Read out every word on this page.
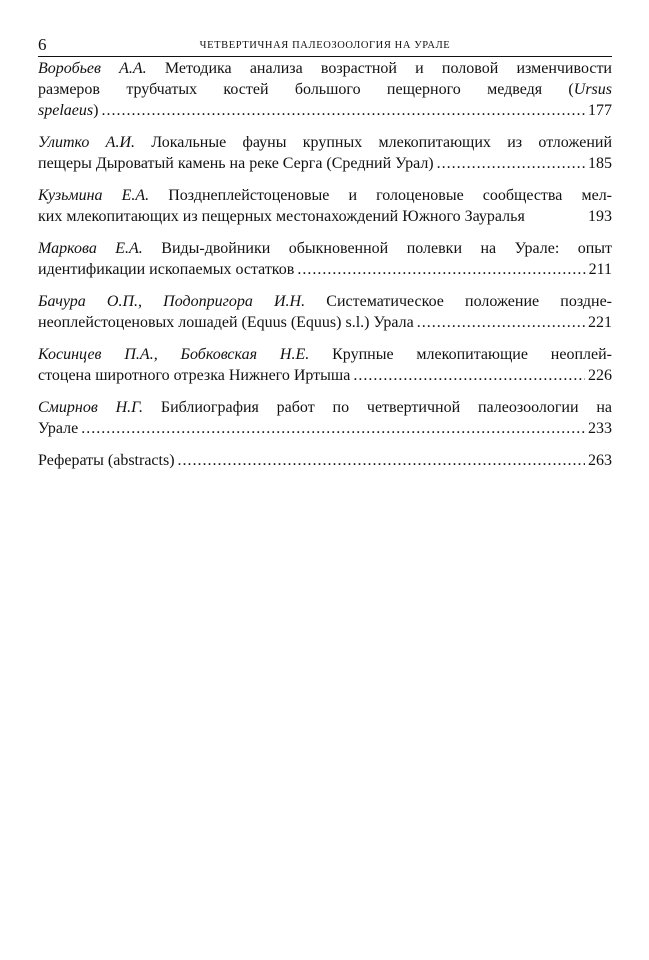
6	ЧЕТВЕРТИЧНАЯ ПАЛЕОЗООЛОГИЯ НА УРАЛЕ
Воробьев А.А. Методика анализа возрастной и половой изменчивости
размеров трубчатых костей большого пещерного медведя (Ursus
spelaeus ) .....	177
Улитко А.И. Локальные фауны крупных млекопитающих из отложений
пещеры Дыроватый камень на реке Серга (Средний Урал) .....	185
Кузьмина Е.А. Позднеплейстоценовые и голоценовые сообщества мел-
ких млекопитающих из пещерных местонахождений Южного Зауралья	193
Маркова Е.А. Виды-двойники обыкновенной полевки на Урале: опыт
идентификации ископаемых остатков .....	211
Бачура О.П., Подопригора И.Н. Систематическое положение поздне-
неоплейстоценовых лошадей (Equus (Equus) s.l.) Урала .....	221
Косинцев П.А., Бобковская Н.Е. Крупные млекопитающие неоплей-
стоцена широтного отрезка Нижнего Иртыша .....	226
Смирнов Н.Г. Библиография работ по четвертичной палеозоологии на
Урале .....	233
Рефераты (abstracts) .....	263
